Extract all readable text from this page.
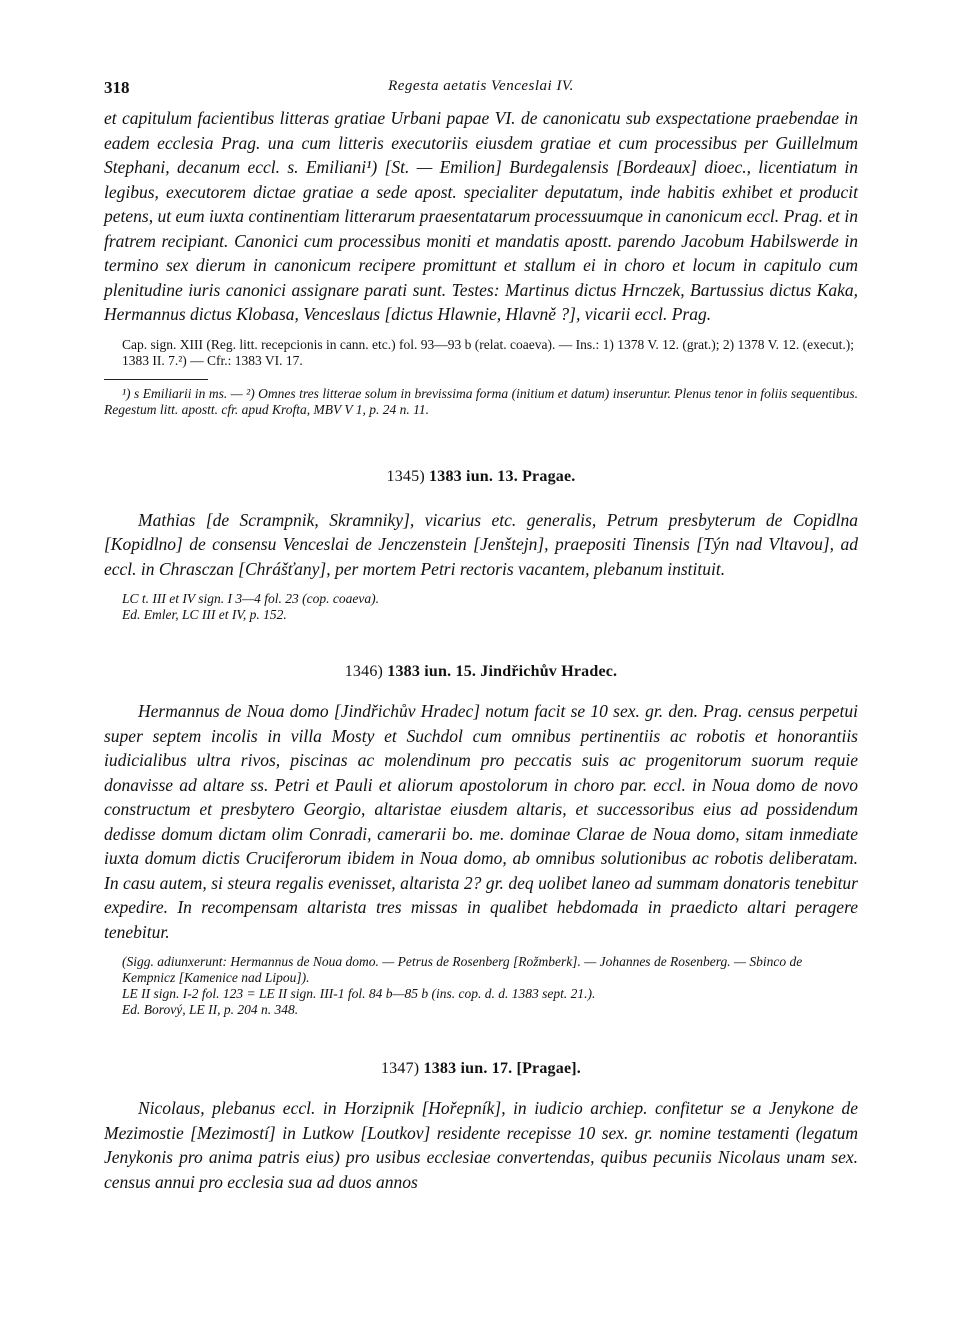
318	Regesta aetatis Venceslai IV.

et capitulum facientibus litteras gratiae Urbani papae VI. de canonicatu sub exspectatione praebendae in eadem ecclesia Prag. una cum litteris executoriis eiusdem gratiae et cum processibus per Guillelmum Stephani, decanum eccl. s. Emiliani¹) [St. — Emilion] Burdegalensis [Bordeaux] dioec., licentiatum in legibus, executorem dictae gratiae a sede apost. specialiter deputatum, inde habitis exhibet et producit petens, ut eum iuxta continentiam litterarum praesentatarum processuumque in canonicum eccl. Prag. et in fratrem recipiant. Canonici cum processibus moniti et mandatis apostt. parendo Jacobum Habilswerde in termino sex dierum in canonicum recipere promittunt et stallum ei in choro et locum in capitulo cum plenitudine iuris canonici assignare parati sunt. Testes: Martinus dictus Hrnczek, Bartussius dictus Kaka, Hermannus dictus Klobasa, Venceslaus [dictus Hlawnie, Hlavně ?], vicarii eccl. Prag.

Cap. sign. XIII (Reg. litt. recepcionis in cann. etc.) fol. 93—93 b (relat. coaeva). — Ins.: 1) 1378 V. 12. (grat.); 2) 1378 V. 12. (execut.); 1383 II. 7.²) — Cfr.: 1383 VI. 17.

¹) s Emiliarii in ms. — ²) Omnes tres litterae solum in brevissima forma (initium et datum) inseruntur. Plenus tenor in foliis sequentibus. Regestum litt. apostt. cfr. apud Krofta, MBV V 1, p. 24 n. 11.

1345) 1383 iun. 13. Pragae.

Mathias [de Scrampnik, Skramniky], vicarius etc. generalis, Petrum presbyterum de Copidlna [Kopidlno] de consensu Venceslai de Jenczenstein [Jenštejn], praepositi Tinensis [Týn nad Vltavou], ad eccl. in Chrasczan [Chrášťany], per mortem Petri rectoris vacantem, plebanum instituit.

LC t. III et IV sign. I 3—4 fol. 23 (cop. coaeva).
Ed. Emler, LC III et IV, p. 152.

1346) 1383 iun. 15. Jindřichův Hradec.

Hermannus de Noua domo [Jindřichův Hradec] notum facit se 10 sex. gr. den. Prag. census perpetui super septem incolis in villa Mosty et Suchdol cum omnibus pertinentiis ac robotis et honorantiis iudicialibus ultra rivos, piscinas ac molendinum pro peccatis suis ac progenitorum suorum requie donavisse ad altare ss. Petri et Pauli et aliorum apostolorum in choro par. eccl. in Noua domo de novo constructum et presbytero Georgio, altaristae eiusdem altaris, et successoribus eius ad possidendum dedisse domum dictam olim Conradi, camerarii bo. me. dominae Clarae de Noua domo, sitam inmediate iuxta domum dictis Cruciferorum ibidem in Noua domo, ab omnibus solutionibus ac robotis deliberatam. In casu autem, si steura regalis evenisset, altarista 2? gr. deq uolibet laneo ad summam donatoris tenebitur expedire. In recompensam altarista tres missas in qualibet hebdomada in praedicto altari peragere tenebitur.

(Sigg. adiunxerunt: Hermannus de Noua domo. — Petrus de Rosenberg [Rožmberk]. — Johannes de Rosenberg. — Sbinco de Kempnicz [Kamenice nad Lipou]).
LE II sign. I-2 fol. 123 = LE II sign. III-1 fol. 84 b—85 b (ins. cop. d. d. 1383 sept. 21.).
Ed. Borový, LE II, p. 204 n. 348.

1347) 1383 iun. 17. [Pragae].

Nicolaus, plebanus eccl. in Horzipnik [Hořepník], in iudicio archiep. confitetur se a Jenykone de Mezimostie [Mezimostí] in Lutkow [Loutkov] residente recepisse 10 sex. gr. nomine testamenti (legatum Jenykonis pro anima patris eius) pro usibus ecclesiae convertendas, quibus pecuniis Nicolaus unam sex. census annui pro ecclesia sua ad duos annos
